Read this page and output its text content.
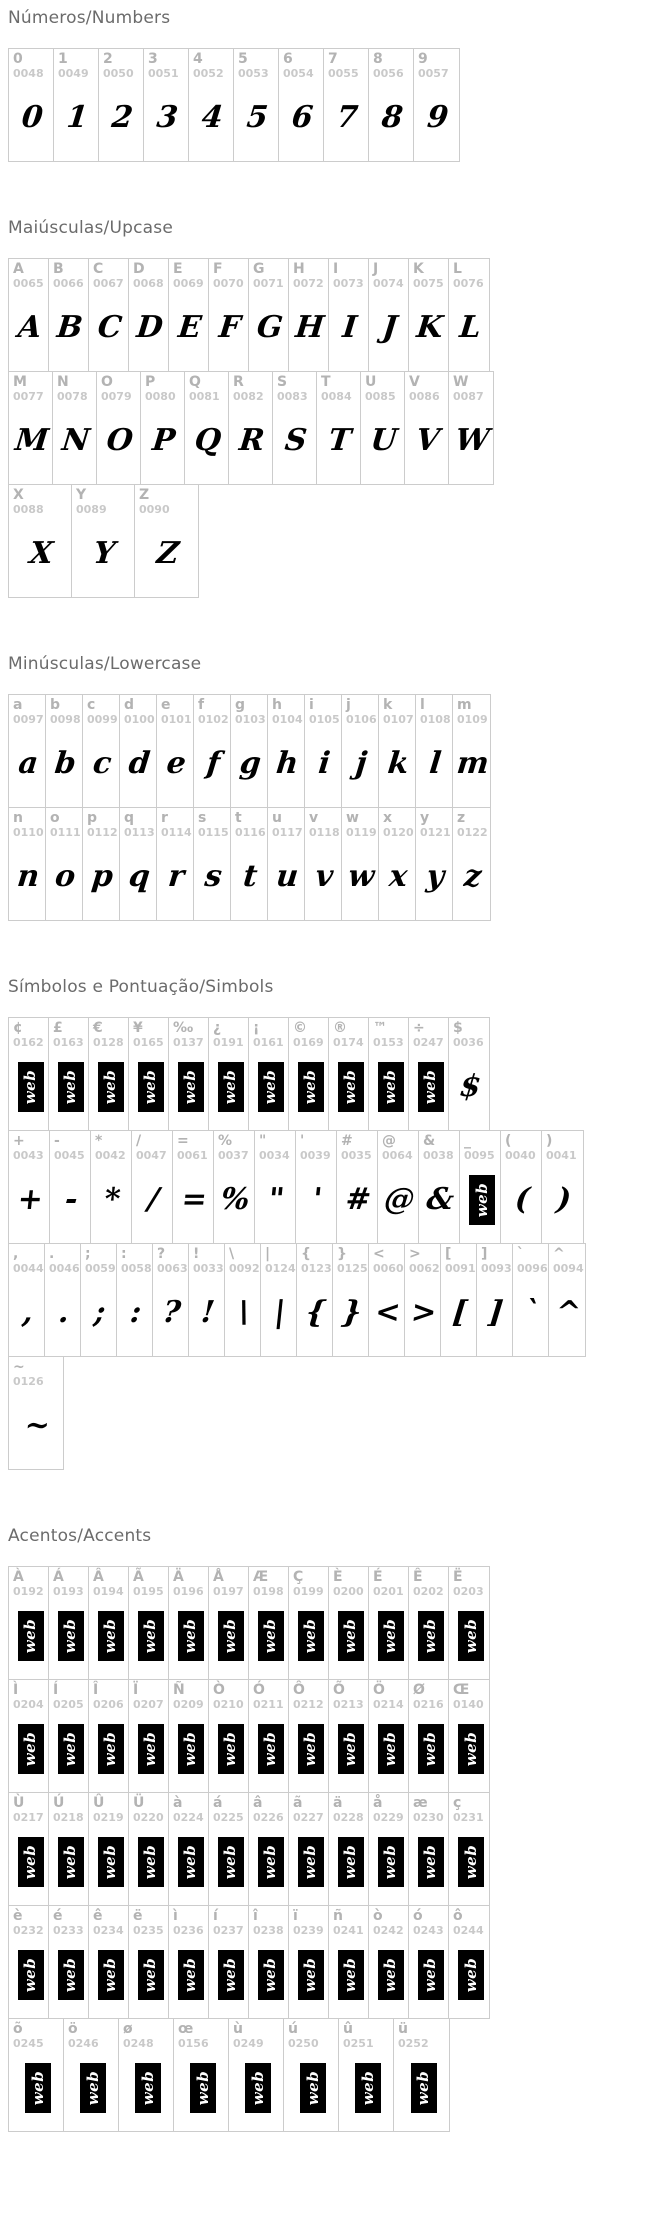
Números/Numbers
0
0048
0
1
0049
1
2
0050
2
3
0051
3
4
0052
4
5
0053
5
6
0054
6
7
0055
7
8
0056
8
9
0057
9
Maiúsculas/Upcase
A
0065
A
B
0066
B
C
0067
C
D
0068
D
E
0069
E
F
0070
F
G
0071
G
H
0072
H
I
0073
I
J
0074
J
K
0075
K
L
0076
L
M
0077
M
N
0078
N
O
0079
O
P
0080
P
Q
0081
Q
R
0082
R
S
0083
S
T
0084
T
U
0085
U
V
0086
V
W
0087
W
X
0088
X
Y
0089
Y
Z
0090
Z
Minúsculas/Lowercase
a
0097
a
b
0098
b
c
0099
c
d
0100
d
e
0101
e
f
0102
f
g
0103
g
h
0104
h
i
0105
i
j
0106
j
k
0107
k
l
0108
l
m
0109
m
n
0110
n
o
0111
o
p
0112
p
q
0113
q
r
0114
r
s
0115
s
t
0116
t
u
0117
u
v
0118
v
w
0119
w
x
0120
x
y
0121
y
z
0122
z
Símbolos e Pontuação/Simbols
¢
0162
web
£
0163
web
€
0128
web
¥
0165
web
‰
0137
web
¿
0191
web
¡
0161
web
©
0169
web
®
0174
web
™
0153
web
÷
0247
web
$
0036
$
+
0043
+
-
0045
-
*
0042
*
/
0047
/
=
0061
=
%
0037
%
"
0034
"
'
0039
'
#
0035
#
@
0064
@
&
0038
&
_
0095
web
(
0040
(
)
0041
)
,
0044
,
.
0046
.
;
0059
;
:
0058
:
?
0063
?
!
0033
!
\
0092
\
|
0124
|
{
0123
{
}
0125
}
<
0060
<
>
0062
>
[
0091
[
]
0093
]
`
0096
`
^
0094
^
~
0126
~
Acentos/Accents
À
0192
web
Á
0193
web
Â
0194
web
Ã
0195
web
Ä
0196
web
Å
0197
web
Æ
0198
web
Ç
0199
web
È
0200
web
É
0201
web
Ê
0202
web
Ë
0203
web
Ì
0204
web
Í
0205
web
Î
0206
web
Ï
0207
web
Ñ
0209
web
Ò
0210
web
Ó
0211
web
Ô
0212
web
Õ
0213
web
Ö
0214
web
Ø
0216
web
Œ
0140
web
Ù
0217
web
Ú
0218
web
Û
0219
web
Ü
0220
web
à
0224
web
á
0225
web
â
0226
web
ã
0227
web
ä
0228
web
å
0229
web
æ
0230
web
ç
0231
web
è
0232
web
é
0233
web
ê
0234
web
ë
0235
web
ì
0236
web
í
0237
web
î
0238
web
ï
0239
web
ñ
0241
web
ò
0242
web
ó
0243
web
ô
0244
web
õ
0245
web
ö
0246
web
ø
0248
web
œ
0156
web
ù
0249
web
ú
0250
web
û
0251
web
ü
0252
web
